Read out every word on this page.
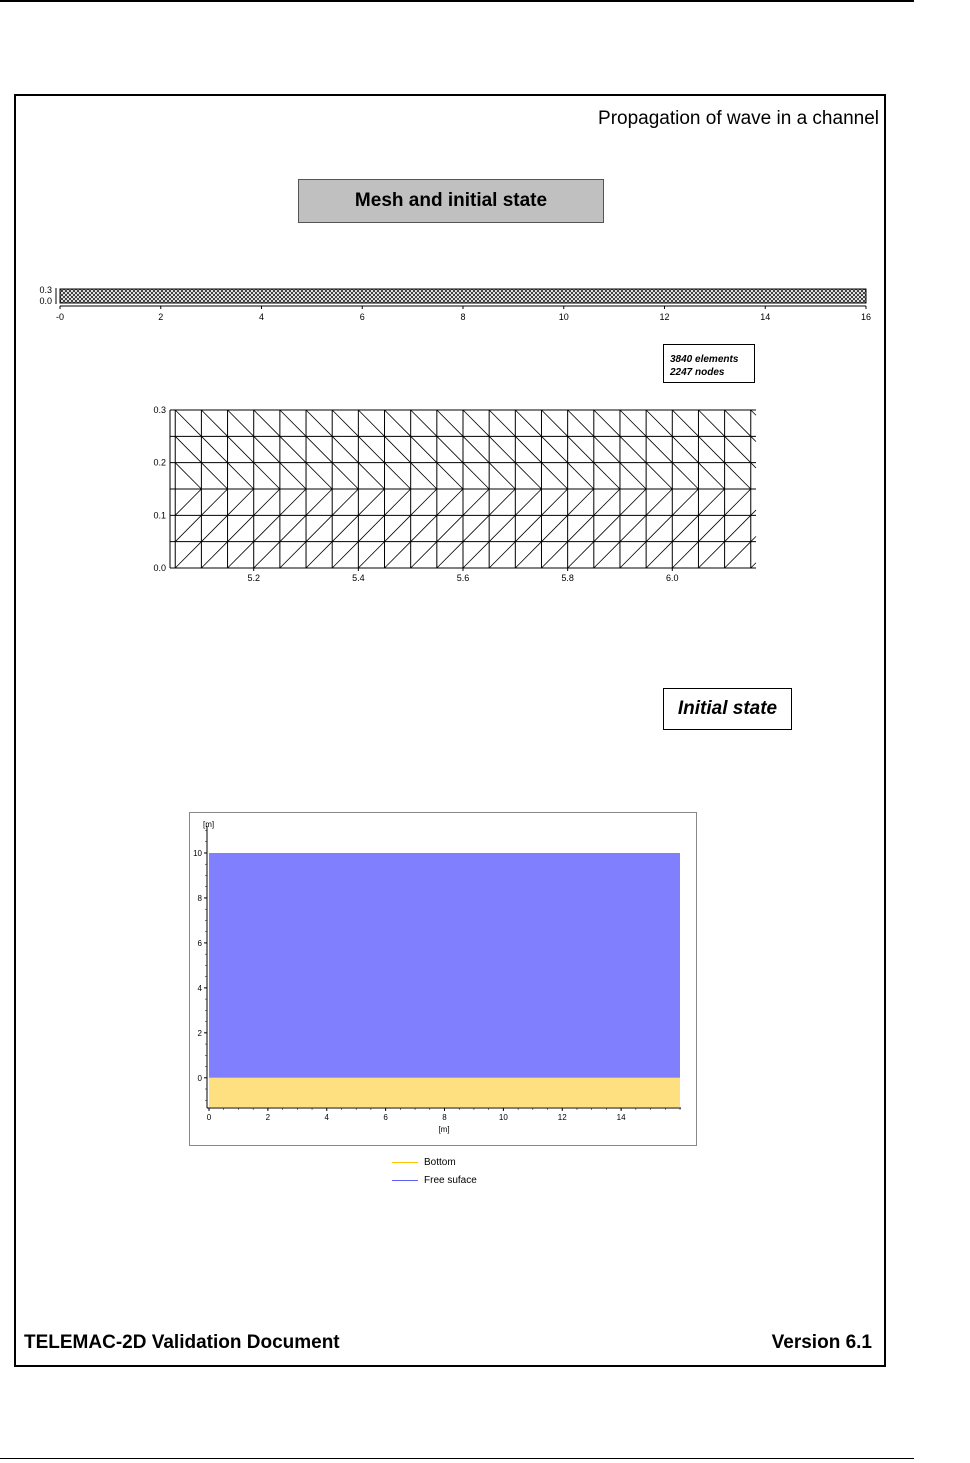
Propagation of wave in a channel
Mesh and initial state
-0	2	4	6	8	10	12	14	16
0.0
0.3
3840 elements
2247 nodes
5.2	5.4	5.6	5.8	6.0
0.0
0.1
0.2
0.3
Initial state
[m]
[m]
0	2	4	6	8	10	12	14
0
2
4
6
8
10
Bottom
Free suface
TELEMAC-2D Validation Document	Version 6.1
